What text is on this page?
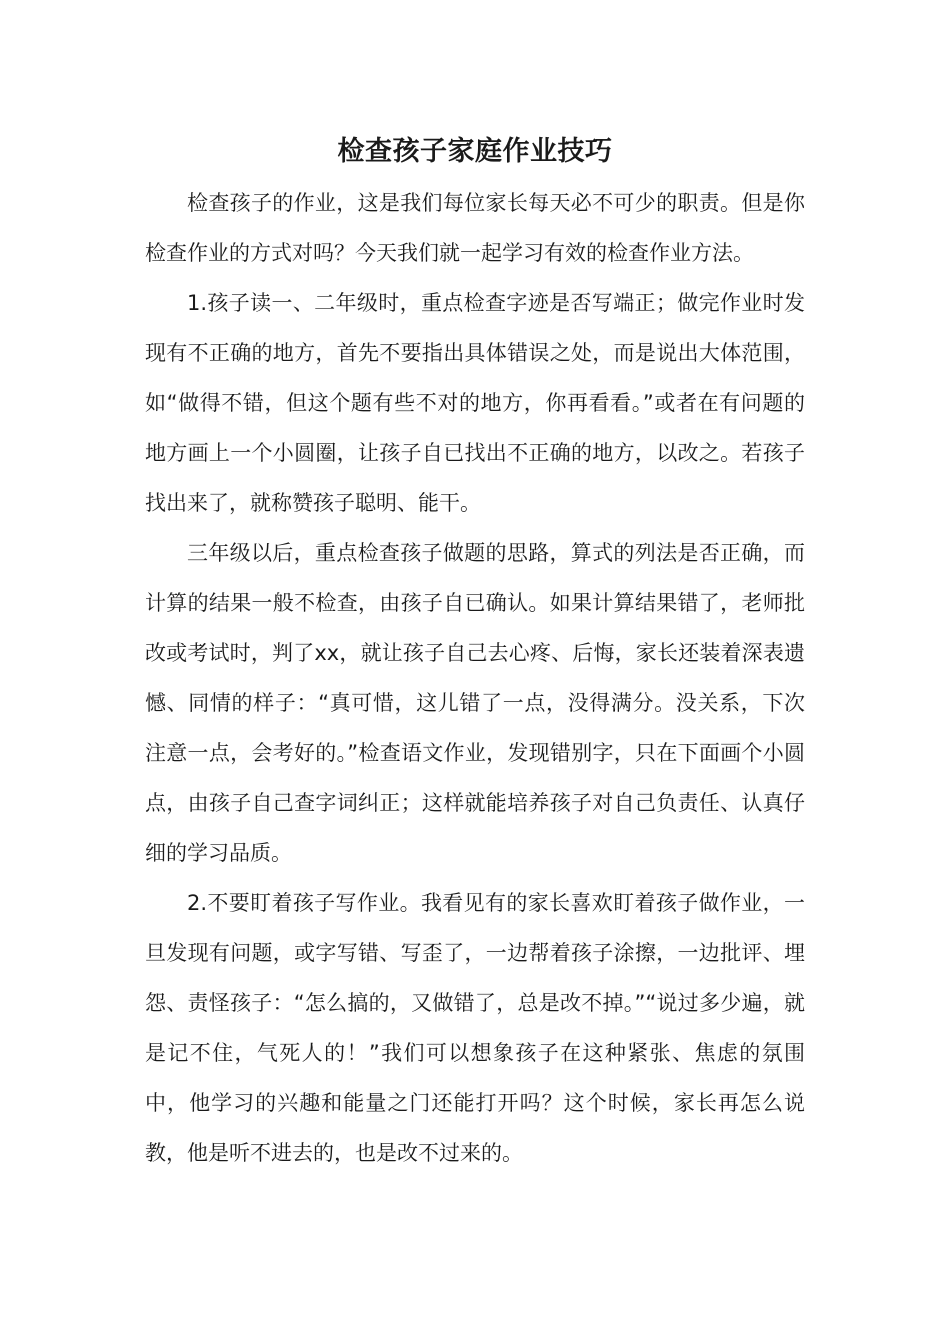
检查孩子家庭作业技巧

检查孩子的作业，这是我们每位家长每天必不可少的职责。但是你检查作业的方式对吗？今天我们就一起学习有效的检查作业方法。

1.孩子读一、二年级时，重点检查字迹是否写端正；做完作业时发现有不正确的地方，首先不要指出具体错误之处，而是说出大体范围，如“做得不错，但这个题有些不对的地方，你再看看。”或者在有问题的地方画上一个小圆圈，让孩子自已找出不正确的地方，以改之。若孩子找出来了，就称赞孩子聪明、能干。

三年级以后，重点检查孩子做题的思路，算式的列法是否正确，而计算的结果一般不检查，由孩子自已确认。如果计算结果错了，老师批改或考试时，判了xx，就让孩子自己去心疼、后悔，家长还装着深表遗憾、同情的样子：“真可惜，这儿错了一点，没得满分。没关系，下次注意一点，会考好的。”检查语文作业，发现错别字，只在下面画个小圆点，由孩子自己查字词纠正；这样就能培养孩子对自己负责任、认真仔细的学习品质。

2.不要盯着孩子写作业。我看见有的家长喜欢盯着孩子做作业，一旦发现有问题，或字写错、写歪了，一边帮着孩子涂擦，一边批评、埋怨、责怪孩子：“怎么搞的，又做错了，总是改不掉。”“说过多少遍，就是记不住，气死人的！”我们可以想象孩子在这种紧张、焦虑的氛围中，他学习的兴趣和能量之门还能打开吗？这个时候，家长再怎么说教，他是听不进去的，也是改不过来的。
